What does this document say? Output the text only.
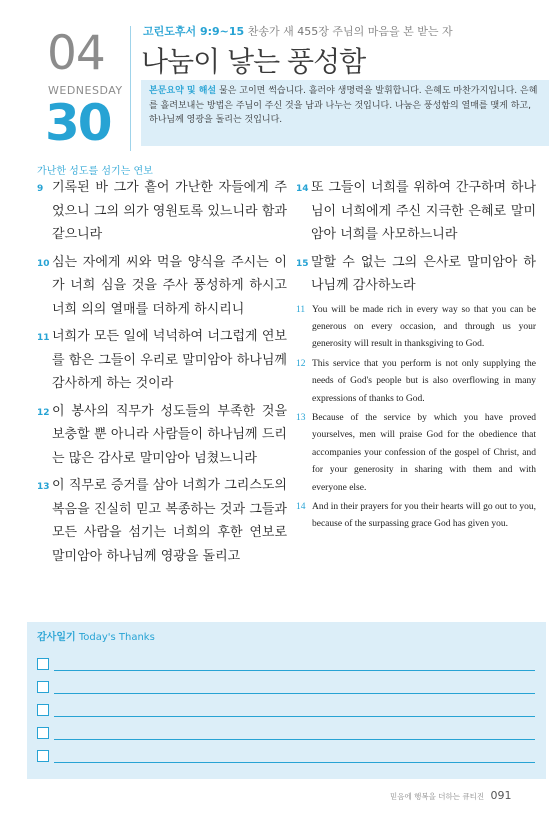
04
WEDNESDAY
30
고린도후서 9:9~15 찬송가 새 455장 주님의 마음을 본 받는 자
나눔이 낳는 풍성함
본문요약 및 해설 물은 고이면 썩습니다. 흘러야 생명력을 발휘합니다. 은혜도 마찬가지입니다. 은혜를 흘려보내는 방법은 주님이 주신 것을 남과 나누는 것입니다. 나눔은 풍성함의 열매를 맺게 하고, 하나님께 영광을 돌리는 것입니다.
가난한 성도를 섬기는 연보
9 기록된 바 그가 흩어 가난한 자들에게 주었으니 그의 의가 영원토록 있느니라 함과 같으니라
10 심는 자에게 씨와 먹을 양식을 주시는 이가 너희 심을 것을 주사 풍성하게 하시고 너희 의의 열매를 더하게 하시리니
11 너희가 모든 일에 넉넉하여 너그럽게 연보를 함은 그들이 우리로 말미암아 하나님께 감사하게 하는 것이라
12 이 봉사의 직무가 성도들의 부족한 것을 보충할 뿐 아니라 사람들이 하나님께 드리는 많은 감사로 말미암아 넘쳤느니라
13 이 직무로 증거를 삼아 너희가 그리스도의 복음을 진실히 믿고 복종하는 것과 그들과 모든 사람을 섬기는 너희의 후한 연보로 말미암아 하나님께 영광을 돌리고
14 또 그들이 너희를 위하여 간구하며 하나님이 너희에게 주신 지극한 은혜로 말미암아 너희를 사모하느니라
15 말할 수 없는 그의 은사로 말미암아 하나님께 감사하노라
11 You will be made rich in every way so that you can be generous on every occasion, and through us your generosity will result in thanksgiving to God.
12 This service that you perform is not only supplying the needs of God's people but is also overflowing in many expressions of thanks to God.
13 Because of the service by which you have proved yourselves, men will praise God for the obedience that accompanies your confession of the gospel of Christ, and for your generosity in sharing with them and with everyone else.
14 And in their prayers for you their hearts will go out to you, because of the surpassing grace God has given you.
감사일기 Today's Thanks
믿음에 행복을 더하는 큐티진 091
